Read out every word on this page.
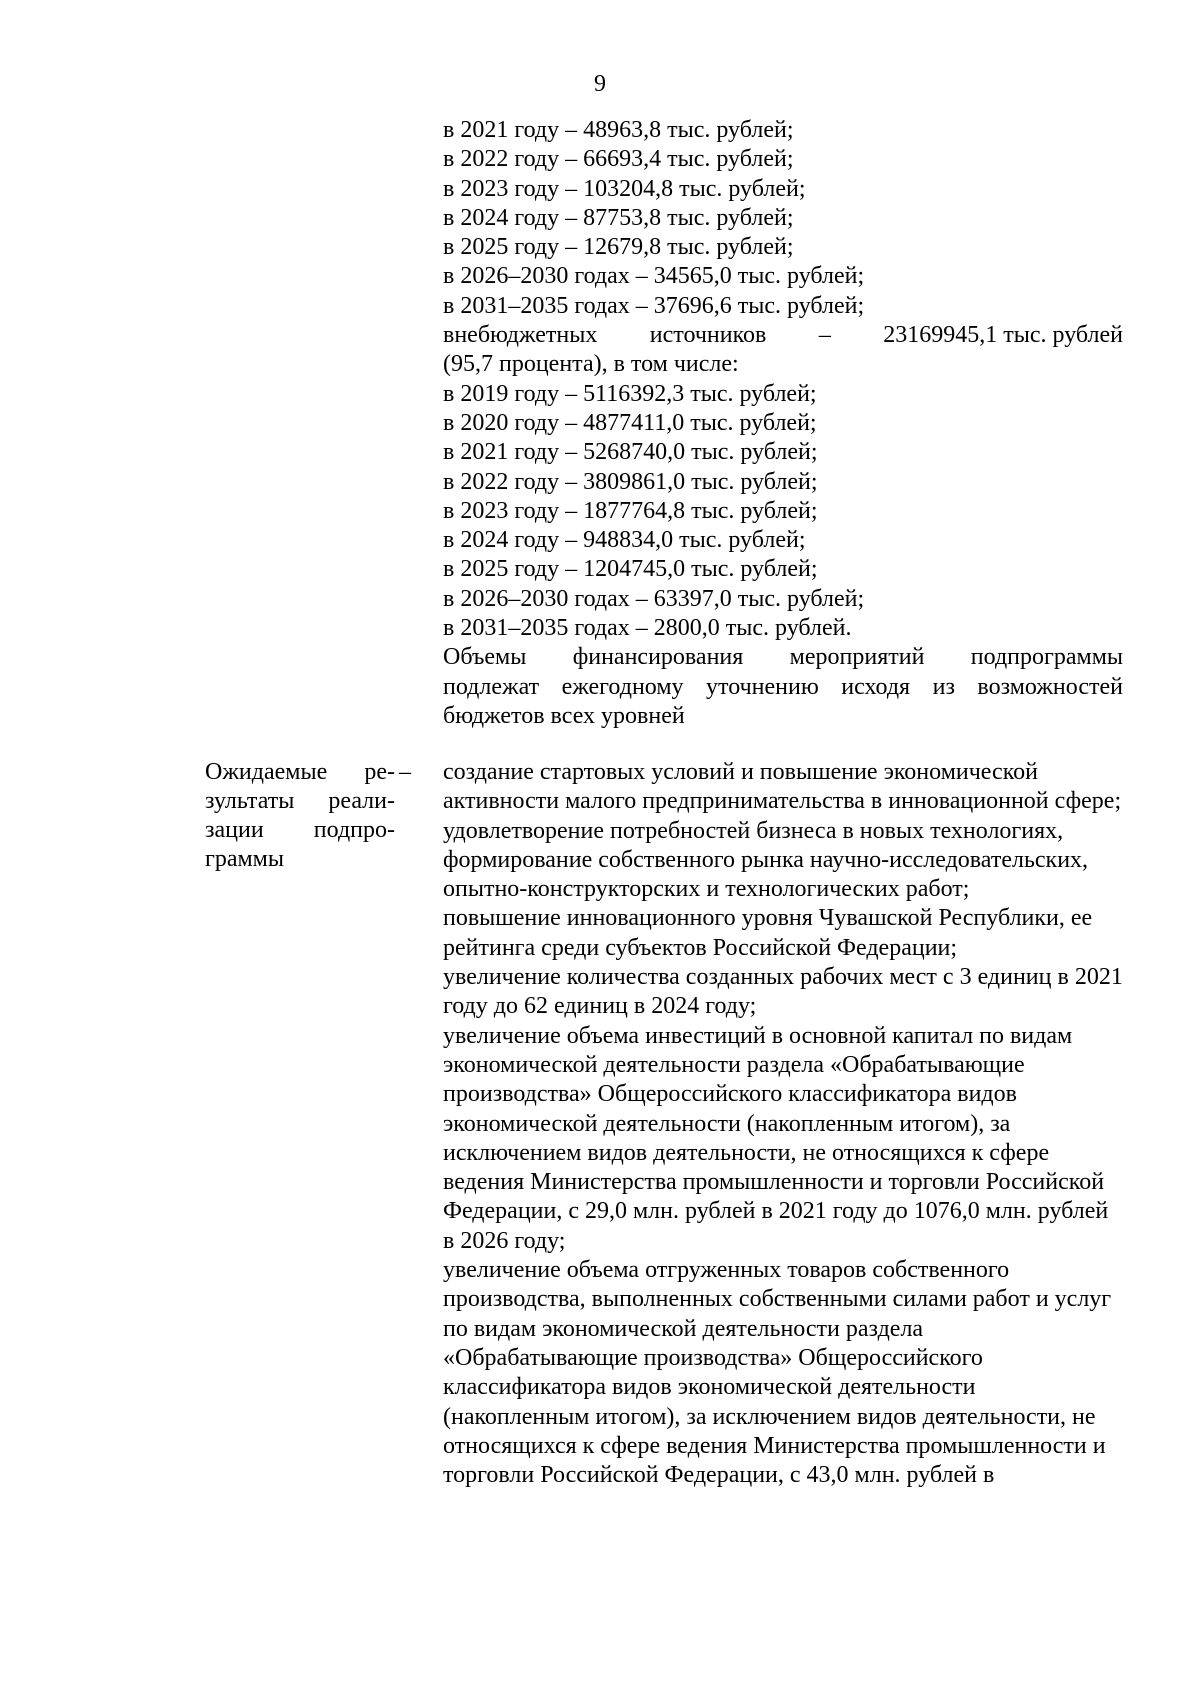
9
в 2021 году – 48963,8 тыс. рублей;
в 2022 году – 66693,4 тыс. рублей;
в 2023 году – 103204,8 тыс. рублей;
в 2024 году – 87753,8 тыс. рублей;
в 2025 году – 12679,8 тыс. рублей;
в 2026–2030 годах – 34565,0 тыс. рублей;
в 2031–2035 годах – 37696,6 тыс. рублей;
внебюджетных источников – 23169945,1 тыс. рублей
(95,7 процента), в том числе:
в 2019 году – 5116392,3 тыс. рублей;
в 2020 году – 4877411,0 тыс. рублей;
в 2021 году – 5268740,0 тыс. рублей;
в 2022 году – 3809861,0 тыс. рублей;
в 2023 году – 1877764,8 тыс. рублей;
в 2024 году – 948834,0 тыс. рублей;
в 2025 году – 1204745,0 тыс. рублей;
в 2026–2030 годах – 63397,0 тыс. рублей;
в 2031–2035 годах – 2800,0 тыс. рублей.
Объемы финансирования мероприятий подпрограммы
подлежат ежегодному уточнению исходя из возможностей
бюджетов всех уровней
Ожидаемые ре-
зультаты реали-
зации подпро-
граммы
– создание стартовых условий и повышение экономической активности малого предпринимательства в инновационной сфере;

удовлетворение потребностей бизнеса в новых технологиях, формирование собственного рынка научно-исследовательских, опытно-конструкторских и технологических работ;

повышение инновационного уровня Чувашской Республики, ее рейтинга среди субъектов Российской Федерации;

увеличение количества созданных рабочих мест с 3 единиц в 2021 году до 62 единиц в 2024 году;

увеличение объема инвестиций в основной капитал по видам экономической деятельности раздела «Обрабатывающие производства» Общероссийского классификатора видов экономической деятельности (накопленным итогом), за исключением видов деятельности, не относящихся к сфере ведения Министерства промышленности и торговли Российской Федерации, с 29,0 млн. рублей в 2021 году до 1076,0 млн. рублей в 2026 году;

увеличение объема отгруженных товаров собственного производства, выполненных собственными силами работ и услуг по видам экономической деятельности раздела «Обрабатывающие производства» Общероссийского классификатора видов экономической деятельности (накопленным итогом), за исключением видов деятельности, не относящихся к сфере ведения Министерства промышленности и торговли Российской Федерации, с 43,0 млн. рублей в
